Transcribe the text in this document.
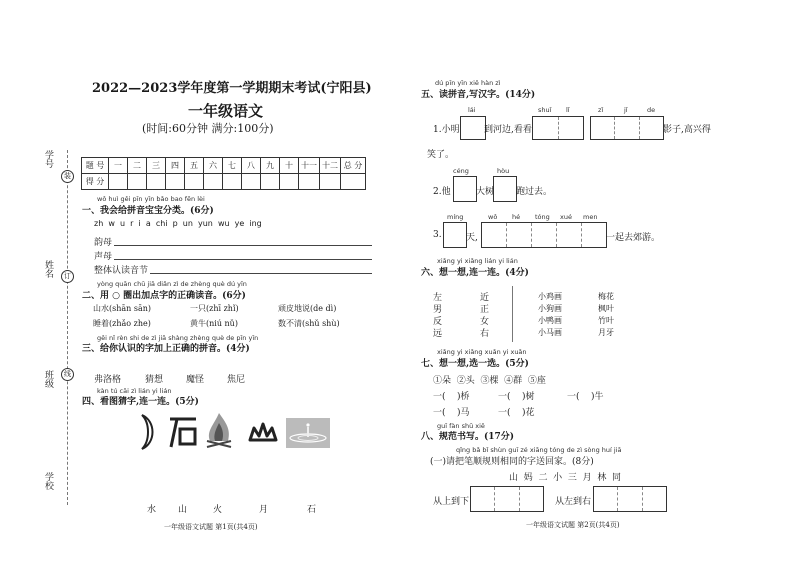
学号
姓名
班级
学校
装
订
线
2022—2023学年度第一学期期末考试(宁阳县)
一年级语文
(时间:60分钟 满分:100分)
题 号	一	二	三	四	五	六	七	八	九	十	十一	十二	总 分
得 分													
wǒ huì gěi pīn yīn bǎo bao fēn lèi
一、我会给拼音宝宝分类。(6分)
zh  w  u  r  i  a  chi  p  un  yun  wu  ye  ing
韵母
声母
整体认读音节
yòng quān chū jiā diǎn zì de zhèng què dú yīn
二、用 ○ 圈出加点字的正确读音。(6分)
山水(shān sān)	一只(zhī zhǐ)	顽皮地说(de dì)
睡着(zhǎo zhe)	黄牛(niú nǔ)	数不清(shǔ shù)
gěi nǐ rèn shi de zì jiā shàng zhèng què de pīn yīn
三、给你认识的字加上正确的拼音。(4分)
弗洛格	猜想	魔怪	焦尼
kàn tú cāi zì lián yi lián
四、看图猜字,连一连。(5分)
水 山	火	月	石
一年级语文试题 第1页(共4页)
dú pīn yīn xiě hàn zì
五、读拼音,写汉字。(14分)
lái	shuǐ lǐ	zǐ	jǐ	de
1.小明	到河边,看看	影子,高兴得
笑了。
céng	hòu
2.他	大树 跑过去。
míng	wǒ hé tóng xué men
3.	天,	一起去郊游。
xiǎng yi xiǎng lián yi lián
六、想一想,连一连。(4分)
左
男
反
远
近
正
女
右
小鸡画
小狗画
小鸭画
小马画
梅花
枫叶
竹叶
月牙
xiǎng yi xiǎng xuǎn yi xuǎn
七、想一想,选一选。(5分)
①朵  ②头  ③棵  ④群  ⑤座
一(    )桥	一(    )树	一(    )牛
一(    )马	一(    )花
guī fàn shū xiě
八、规范书写。(17分)
qǐng bǎ bǐ shùn guī zé xiāng tóng de zì sòng huí jiā
(一)请把笔顺规则相同的字送回家。(8分)
山  妈  二  小  三  月  林  同
从上到下	从左到右
一年级语文试题 第2页(共4页)
